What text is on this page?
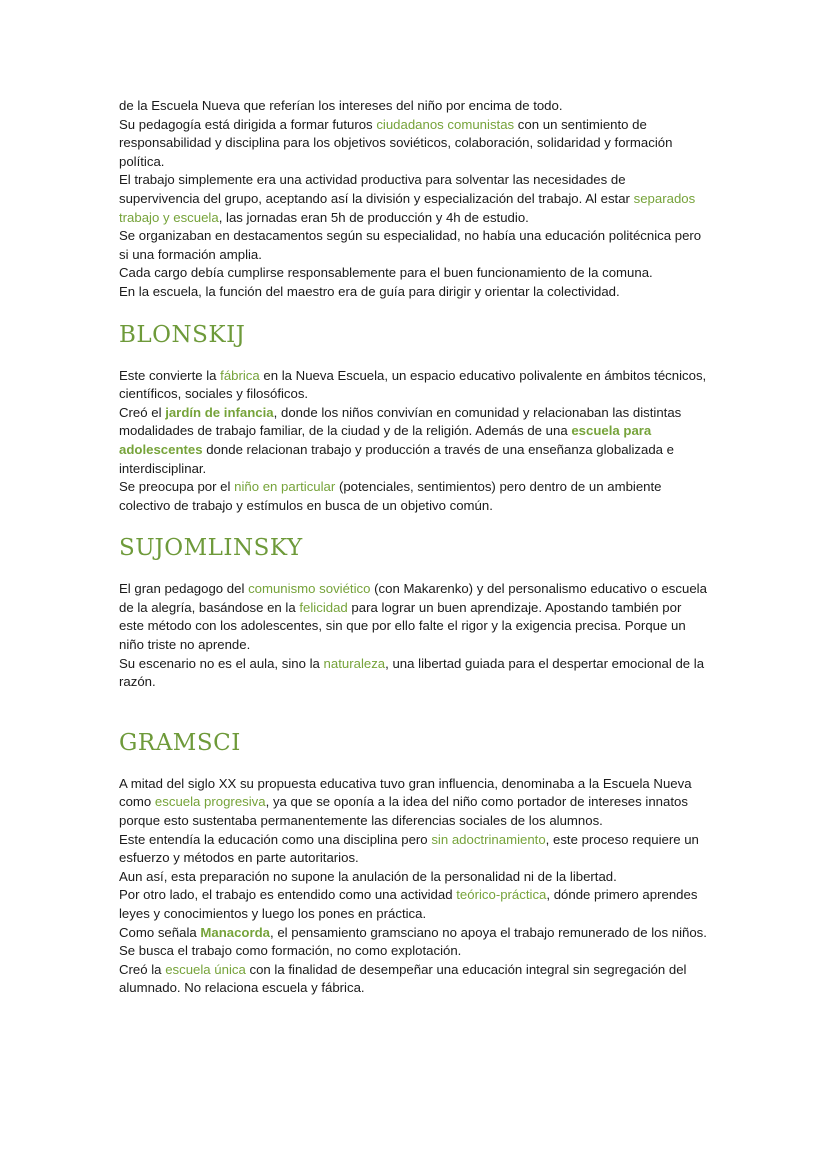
de la Escuela Nueva que referían los intereses del niño por encima de todo.

Su pedagogía está dirigida a formar futuros ciudadanos comunistas con un sentimiento de responsabilidad y disciplina para los objetivos soviéticos, colaboración, solidaridad y formación política.

El trabajo simplemente era una actividad productiva para solventar las necesidades de supervivencia del grupo, aceptando así la división y especialización del trabajo. Al estar separados trabajo y escuela, las jornadas eran 5h de producción y 4h de estudio.

Se organizaban en destacamentos según su especialidad, no había una educación politécnica pero si una formación amplia.

Cada cargo debía cumplirse responsablemente para el buen funcionamiento de la comuna.

En la escuela, la función del maestro era de guía para dirigir y orientar la colectividad.

BLONSKIJ

Este convierte la fábrica en la Nueva Escuela, un espacio educativo polivalente en ámbitos técnicos, científicos, sociales y filosóficos.

Creó el jardín de infancia, donde los niños convivían en comunidad y relacionaban las distintas modalidades de trabajo familiar, de la ciudad y de la religión. Además de una escuela para adolescentes donde relacionan trabajo y producción a través de una enseñanza globalizada e interdisciplinar.

Se preocupa por el niño en particular (potenciales, sentimientos) pero dentro de un ambiente colectivo de trabajo y estímulos en busca de un objetivo común.

SUJOMLINSKY

El gran pedagogo del comunismo soviético (con Makarenko) y del personalismo educativo o escuela de la alegría, basándose en la felicidad para lograr un buen aprendizaje. Apostando también por este método con los adolescentes, sin que por ello falte el rigor y la exigencia precisa. Porque un niño triste no aprende.

Su escenario no es el aula, sino la naturaleza, una libertad guiada para el despertar emocional de la razón.

GRAMSCI

A mitad del siglo XX su propuesta educativa tuvo gran influencia, denominaba a la Escuela Nueva como escuela progresiva, ya que se oponía a la idea del niño como portador de intereses innatos porque esto sustentaba permanentemente las diferencias sociales de los alumnos.

Este entendía la educación como una disciplina pero sin adoctrinamiento, este proceso requiere un esfuerzo y métodos en parte autoritarios.

Aun así, esta preparación no supone la anulación de la personalidad ni de la libertad.

Por otro lado, el trabajo es entendido como una actividad teórico-práctica, dónde primero aprendes leyes y conocimientos y luego los pones en práctica.

Como señala Manacorda, el pensamiento gramsciano no apoya el trabajo remunerado de los niños. Se busca el trabajo como formación, no como explotación.

Creó la escuela única con la finalidad de desempeñar una educación integral sin segregación del alumnado. No relaciona escuela y fábrica.
